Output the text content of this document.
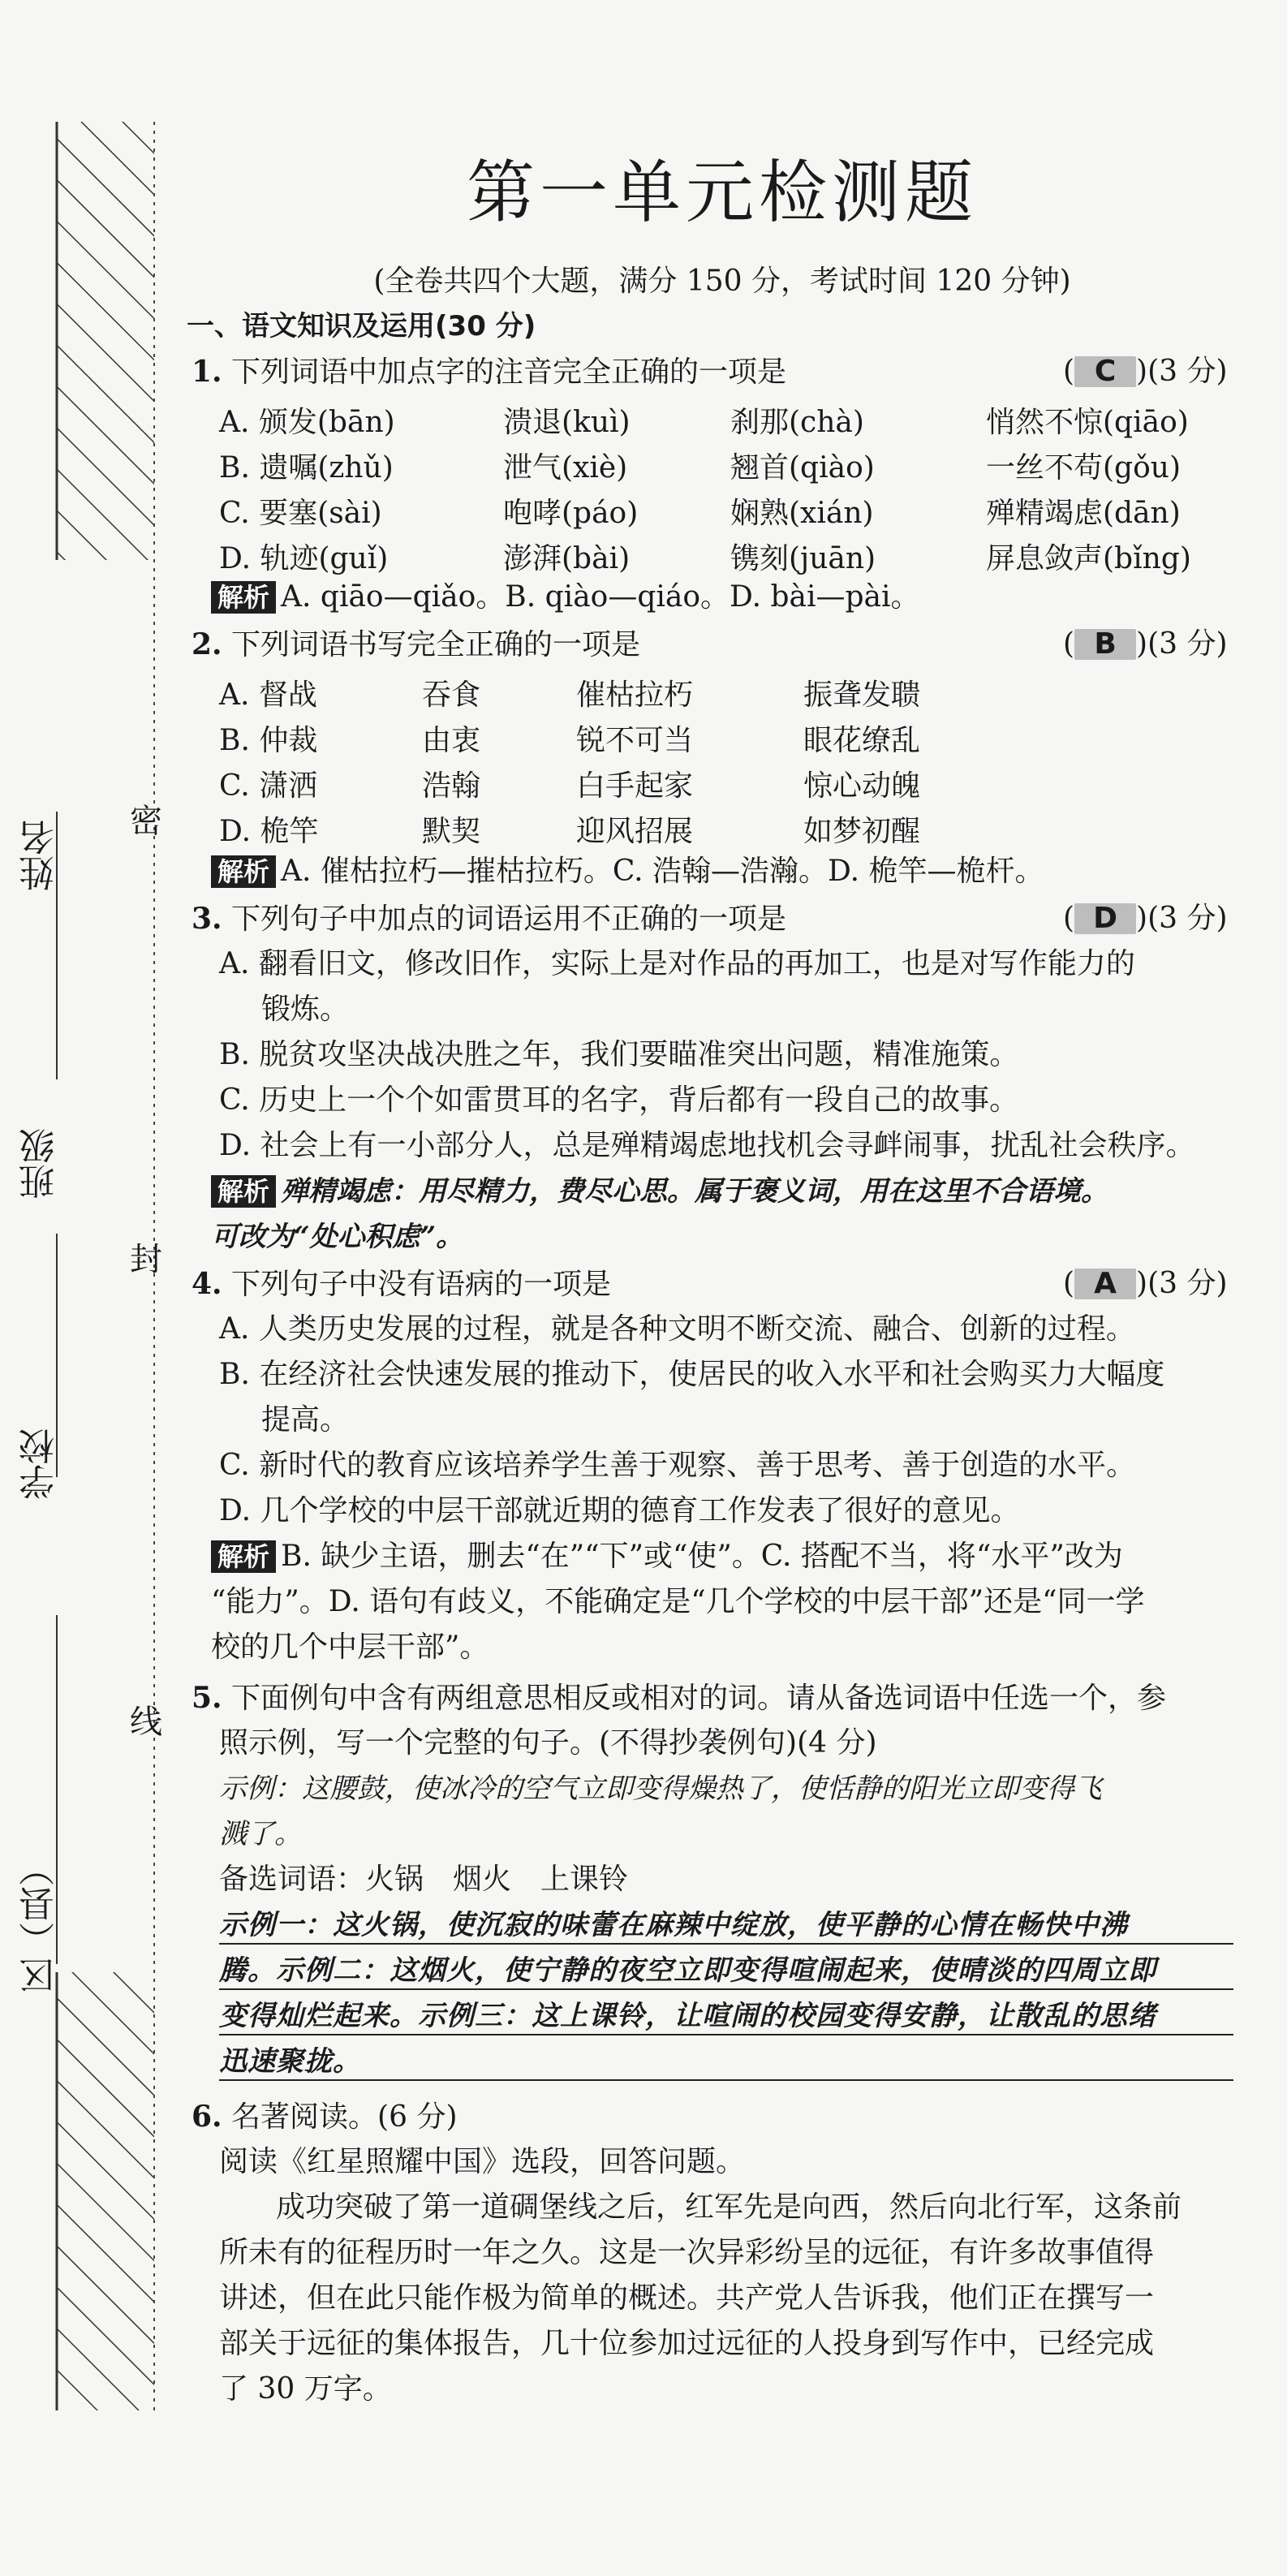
姓名
班级
学校
区（县）
密
封
线
第一单元检测题
(全卷共四个大题，满分 150 分，考试时间 120 分钟)
一、语文知识及运用(30 分)
1. 下列词语中加点字的注音完全正确的一项是	( C )(3 分)
A. 颁发(bān)	溃退(kuì)	刹那(chà)	悄然不惊(qiāo)
B. 遗嘱(zhǔ)	泄气(xiè)	翘首(qiào)	一丝不苟(gǒu)
C. 要塞(sài)	咆哮(páo)	娴熟(xián)	殚精竭虑(dān)
D. 轨迹(guǐ)	澎湃(bài)	镌刻(juān)	屏息敛声(bǐng)
解析 A. qiāo—qiǎo。B. qiào—qiáo。D. bài—pài。
2. 下列词语书写完全正确的一项是	( B )(3 分)
A. 督战	吞食	催枯拉朽	振聋发聩
B. 仲裁	由衷	锐不可当	眼花缭乱
C. 潇洒	浩翰	白手起家	惊心动魄
D. 桅竿	默契	迎风招展	如梦初醒
解析 A. 催枯拉朽—摧枯拉朽。C. 浩翰—浩瀚。D. 桅竿—桅杆。
3. 下列句子中加点的词语运用不正确的一项是	( D )(3 分)
A. 翻看旧文，修改旧作，实际上是对作品的再加工，也是对写作能力的
锻炼。
B. 脱贫攻坚决战决胜之年，我们要瞄准突出问题，精准施策。
C. 历史上一个个如雷贯耳的名字，背后都有一段自己的故事。
D. 社会上有一小部分人，总是殚精竭虑地找机会寻衅闹事，扰乱社会秩序。
解析 殚精竭虑：用尽精力，费尽心思。属于褒义词，用在这里不合语境。
可改为“处心积虑”。
4. 下列句子中没有语病的一项是	( A )(3 分)
A. 人类历史发展的过程，就是各种文明不断交流、融合、创新的过程。
B. 在经济社会快速发展的推动下，使居民的收入水平和社会购买力大幅度
提高。
C. 新时代的教育应该培养学生善于观察、善于思考、善于创造的水平。
D. 几个学校的中层干部就近期的德育工作发表了很好的意见。
解析 B. 缺少主语，删去“在”“下”或“使”。C. 搭配不当，将“水平”改为
“能力”。D. 语句有歧义，不能确定是“几个学校的中层干部”还是“同一学
校的几个中层干部”。
5. 下面例句中含有两组意思相反或相对的词。请从备选词语中任选一个，参
照示例，写一个完整的句子。(不得抄袭例句)(4 分)
示例：这腰鼓，使冰冷的空气立即变得燥热了，使恬静的阳光立即变得飞
溅了。
备选词语：火锅　烟火　上课铃
示例一：这火锅，使沉寂的味蕾在麻辣中绽放，使平静的心情在畅快中沸
腾。示例二：这烟火，使宁静的夜空立即变得喧闹起来，使晴淡的四周立即
变得灿烂起来。示例三：这上课铃，让喧闹的校园变得安静，让散乱的思绪
迅速聚拢。
6. 名著阅读。(6 分)
阅读《红星照耀中国》选段，回答问题。
成功突破了第一道碉堡线之后，红军先是向西，然后向北行军，这条前
所未有的征程历时一年之久。这是一次异彩纷呈的远征，有许多故事值得
讲述，但在此只能作极为简单的概述。共产党人告诉我，他们正在撰写一
部关于远征的集体报告，几十位参加过远征的人投身到写作中，已经完成
了 30 万字。
